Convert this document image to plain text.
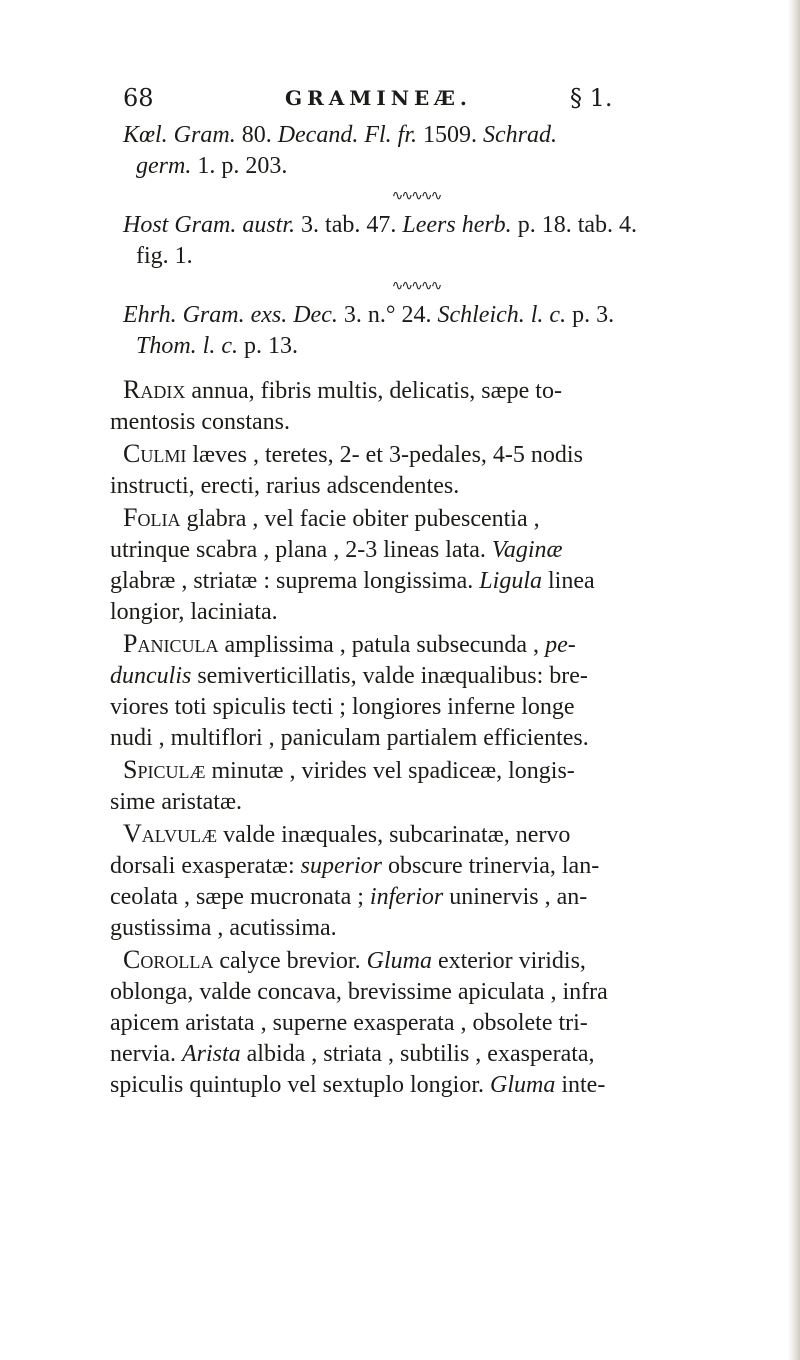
68	GRAMINEÆ.	§ 1.
Kœl. Gram. 80. Decand. Fl. fr. 1509. Schrad.
germ. 1. p. 203.
∿∿∿∿∿
Host Gram. austr. 3. tab. 47. Leers herb. p. 18. tab. 4.
fig. 1.
∿∿∿∿∿
Ehrh. Gram. exs. Dec. 3. n.° 24. Schleich. l. c. p. 3.
Thom. l. c. p. 13.
Radix annua, fibris multis, delicatis, sæpe to-
mentosis constans.
Culmi læves , teretes, 2- et 3-pedales, 4-5 nodis
instructi, erecti, rarius adscendentes.
Folia glabra , vel facie obiter pubescentia ,
utrinque scabra , plana , 2-3 lineas lata. Vaginæ
glabræ , striatæ : suprema longissima. Ligula linea
longior, laciniata.
Panicula amplissima , patula subsecunda , pe-
dunculis semiverticillatis, valde inæqualibus: bre-
viores toti spiculis tecti ; longiores inferne longe
nudi , multiflori , paniculam partialem efficientes.
Spiculæ minutæ , virides vel spadiceæ, longis-
sime aristatæ.
Valvulæ valde inæquales, subcarinatæ, nervo
dorsali exasperatæ: superior obscure trinervia, lan-
ceolata , sæpe mucronata ; inferior uninervis , an-
gustissima , acutissima.
Corolla calyce brevior. Gluma exterior viridis,
oblonga, valde concava, brevissime apiculata , infra
apicem aristata , superne exasperata , obsolete tri-
nervia. Arista albida , striata , subtilis , exasperata,
spiculis quintuplo vel sextuplo longior. Gluma inte-
